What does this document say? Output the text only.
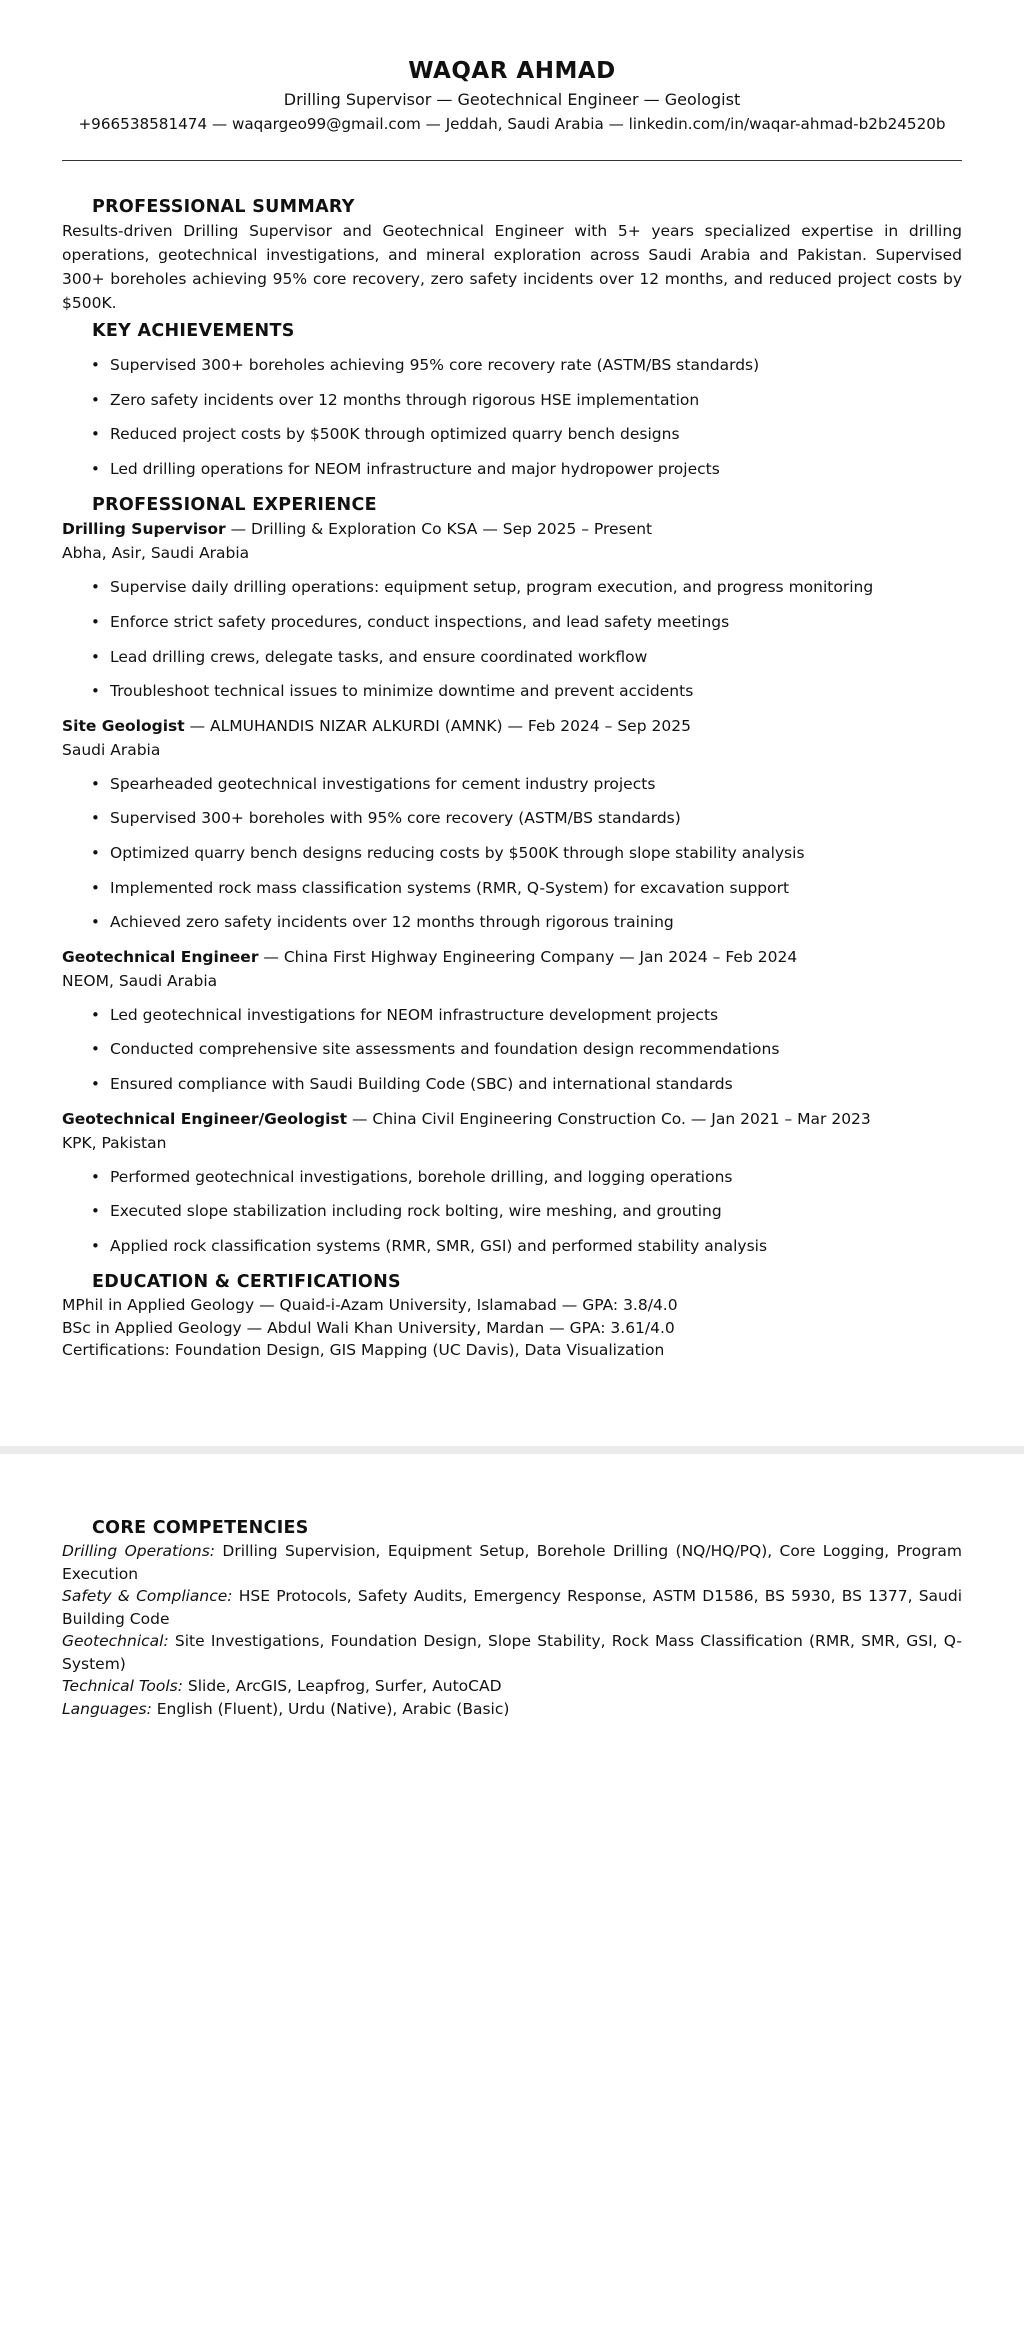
WAQAR AHMAD
Drilling Supervisor — Geotechnical Engineer — Geologist
+966538581474 — waqargeo99@gmail.com — Jeddah, Saudi Arabia — linkedin.com/in/waqar-ahmad-b2b24520b
PROFESSIONAL SUMMARY

Results-driven Drilling Supervisor and Geotechnical Engineer with 5+ years specialized expertise in drilling operations, geotechnical investigations, and mineral exploration across Saudi Arabia and Pakistan. Supervised 300+ boreholes achieving 95% core recovery, zero safety incidents over 12 months, and reduced project costs by $500K.

KEY ACHIEVEMENTS
• Supervised 300+ boreholes achieving 95% core recovery rate (ASTM/BS standards)
• Zero safety incidents over 12 months through rigorous HSE implementation
• Reduced project costs by $500K through optimized quarry bench designs
• Led drilling operations for NEOM infrastructure and major hydropower projects
PROFESSIONAL EXPERIENCE

Drilling Supervisor — Drilling & Exploration Co KSA — Sep 2025 – Present

Abha, Asir, Saudi Arabia

• Supervise daily drilling operations: equipment setup, program execution, and progress monitoring
• Enforce strict safety procedures, conduct inspections, and lead safety meetings
• Lead drilling crews, delegate tasks, and ensure coordinated workflow
• Troubleshoot technical issues to minimize downtime and prevent accidents

Site Geologist — ALMUHANDIS NIZAR ALKURDI (AMNK) — Feb 2024 – Sep 2025

Saudi Arabia

• Spearheaded geotechnical investigations for cement industry projects
• Supervised 300+ boreholes with 95% core recovery (ASTM/BS standards)
• Optimized quarry bench designs reducing costs by $500K through slope stability analysis
• Implemented rock mass classification systems (RMR, Q-System) for excavation support
• Achieved zero safety incidents over 12 months through rigorous training

Geotechnical Engineer — China First Highway Engineering Company — Jan 2024 – Feb 2024

NEOM, Saudi Arabia

• Led geotechnical investigations for NEOM infrastructure development projects
• Conducted comprehensive site assessments and foundation design recommendations
• Ensured compliance with Saudi Building Code (SBC) and international standards

Geotechnical Engineer/Geologist — China Civil Engineering Construction Co. — Jan 2021 – Mar 2023

KPK, Pakistan

• Performed geotechnical investigations, borehole drilling, and logging operations
• Executed slope stabilization including rock bolting, wire meshing, and grouting
• Applied rock classification systems (RMR, SMR, GSI) and performed stability analysis
EDUCATION & CERTIFICATIONS

MPhil in Applied Geology — Quaid-i-Azam University, Islamabad — GPA: 3.8/4.0

BSc in Applied Geology — Abdul Wali Khan University, Mardan — GPA: 3.61/4.0

Certifications: Foundation Design, GIS Mapping (UC Davis), Data Visualization

CORE COMPETENCIES

Drilling Operations: Drilling Supervision, Equipment Setup, Borehole Drilling (NQ/HQ/PQ), Core Logging, Program Execution

Safety & Compliance: HSE Protocols, Safety Audits, Emergency Response, ASTM D1586, BS 5930, BS 1377, Saudi Building Code

Geotechnical: Site Investigations, Foundation Design, Slope Stability, Rock Mass Classification (RMR, SMR, GSI, Q-System)

Technical Tools: Slide, ArcGIS, Leapfrog, Surfer, AutoCAD

Languages: English (Fluent), Urdu (Native), Arabic (Basic)
